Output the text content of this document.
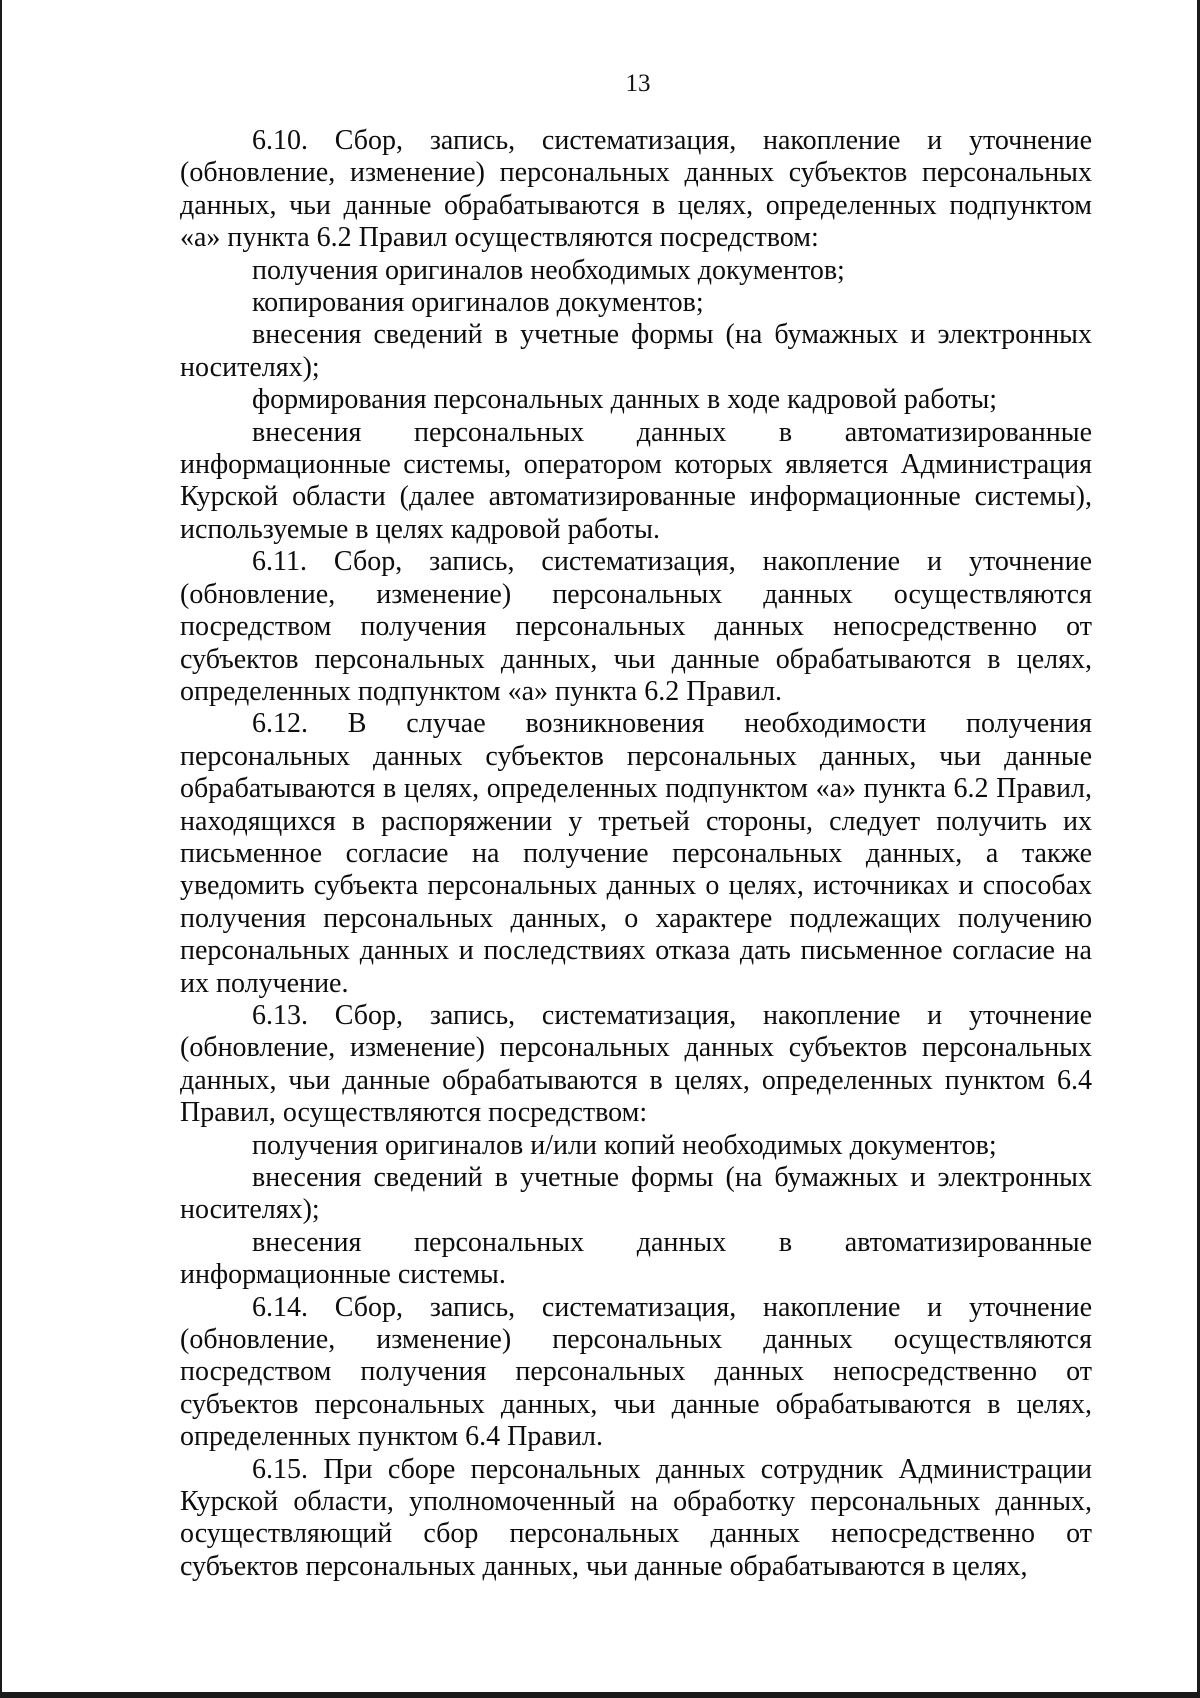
13

6.10. Сбор, запись, систематизация, накопление и уточнение (обновление, изменение) персональных данных субъектов персональных данных, чьи данные обрабатываются в целях, определенных подпунктом «а» пункта 6.2 Правил осуществляются посредством:

получения оригиналов необходимых документов;

копирования оригиналов документов;

внесения сведений в учетные формы (на бумажных и электронных носителях);

формирования персональных данных в ходе кадровой работы;

внесения персональных данных в автоматизированные информационные системы, оператором которых является Администрация Курской области (далее автоматизированные информационные системы), используемые в целях кадровой работы.

6.11. Сбор, запись, систематизация, накопление и уточнение (обновление, изменение) персональных данных осуществляются посредством получения персональных данных непосредственно от субъектов персональных данных, чьи данные обрабатываются в целях, определенных подпунктом «а» пункта 6.2 Правил.

6.12. В случае возникновения необходимости получения персональных данных субъектов персональных данных, чьи данные обрабатываются в целях, определенных подпунктом «а» пункта 6.2 Правил, находящихся в распоряжении у третьей стороны, следует получить их письменное согласие на получение персональных данных, а также уведомить субъекта персональных данных о целях, источниках и способах получения персональных данных, о характере подлежащих получению персональных данных и последствиях отказа дать письменное согласие на их получение.

6.13. Сбор, запись, систематизация, накопление и уточнение (обновление, изменение) персональных данных субъектов персональных данных, чьи данные обрабатываются в целях, определенных пунктом 6.4 Правил, осуществляются посредством:

получения оригиналов и/или копий необходимых документов;

внесения сведений в учетные формы (на бумажных и электронных носителях);

внесения персональных данных в автоматизированные информационные системы.

6.14. Сбор, запись, систематизация, накопление и уточнение (обновление, изменение) персональных данных осуществляются посредством получения персональных данных непосредственно от субъектов персональных данных, чьи данные обрабатываются в целях, определенных пунктом 6.4 Правил.

6.15. При сборе персональных данных сотрудник Администрации Курской области, уполномоченный на обработку персональных данных, осуществляющий сбор персональных данных непосредственно от субъектов персональных данных, чьи данные обрабатываются в целях,
